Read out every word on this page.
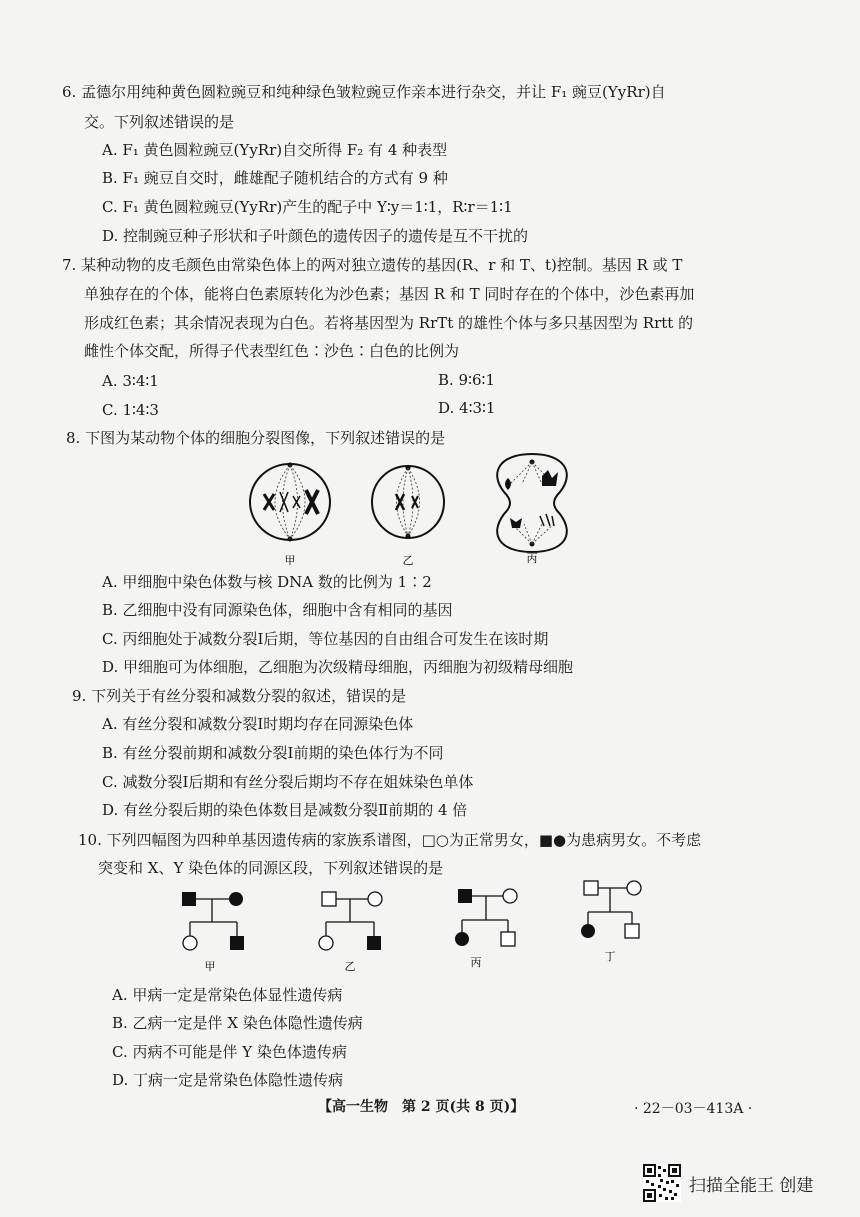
6. 孟德尔用纯种黄色圆粒豌豆和纯种绿色皱粒豌豆作亲本进行杂交，并让 F₁ 豌豆(YyRr)自
交。下列叙述错误的是
A. F₁ 黄色圆粒豌豆(YyRr)自交所得 F₂ 有 4 种表型
B. F₁ 豌豆自交时，雌雄配子随机结合的方式有 9 种
C. F₁ 黄色圆粒豌豆(YyRr)产生的配子中 Y∶y＝1∶1，R∶r＝1∶1
D. 控制豌豆种子形状和子叶颜色的遗传因子的遗传是互不干扰的
7. 某种动物的皮毛颜色由常染色体上的两对独立遗传的基因(R、r 和 T、t)控制。基因 R 或 T
单独存在的个体，能将白色素原转化为沙色素；基因 R 和 T 同时存在的个体中，沙色素再加
形成红色素；其余情况表现为白色。若将基因型为 RrTt 的雄性个体与多只基因型为 Rrtt 的
雌性个体交配，所得子代表型红色∶沙色∶白色的比例为
A. 3∶4∶1	B. 9∶6∶1
C. 1∶4∶3	D. 4∶3∶1
8. 下图为某动物个体的细胞分裂图像，下列叙述错误的是
甲	乙	丙
A. 甲细胞中染色体数与核 DNA 数的比例为 1∶2
B. 乙细胞中没有同源染色体，细胞中含有相同的基因
C. 丙细胞处于减数分裂Ⅰ后期，等位基因的自由组合可发生在该时期
D. 甲细胞可为体细胞，乙细胞为次级精母细胞，丙细胞为初级精母细胞
9. 下列关于有丝分裂和减数分裂的叙述，错误的是
A. 有丝分裂和减数分裂Ⅰ时期均存在同源染色体
B. 有丝分裂前期和减数分裂Ⅰ前期的染色体行为不同
C. 减数分裂Ⅰ后期和有丝分裂后期均不存在姐妹染色单体
D. 有丝分裂后期的染色体数目是减数分裂Ⅱ前期的 4 倍
10. 下列四幅图为四种单基因遗传病的家族系谱图，□○为正常男女，■●为患病男女。不考虑
突变和 X、Y 染色体的同源区段，下列叙述错误的是
甲	乙	丙	丁
A. 甲病一定是常染色体显性遗传病
B. 乙病一定是伴 X 染色体隐性遗传病
C. 丙病不可能是伴 Y 染色体遗传病
D. 丁病一定是常染色体隐性遗传病
【高一生物　第 2 页(共 8 页)】	· 22－03－413A ·
扫描全能王 创建
